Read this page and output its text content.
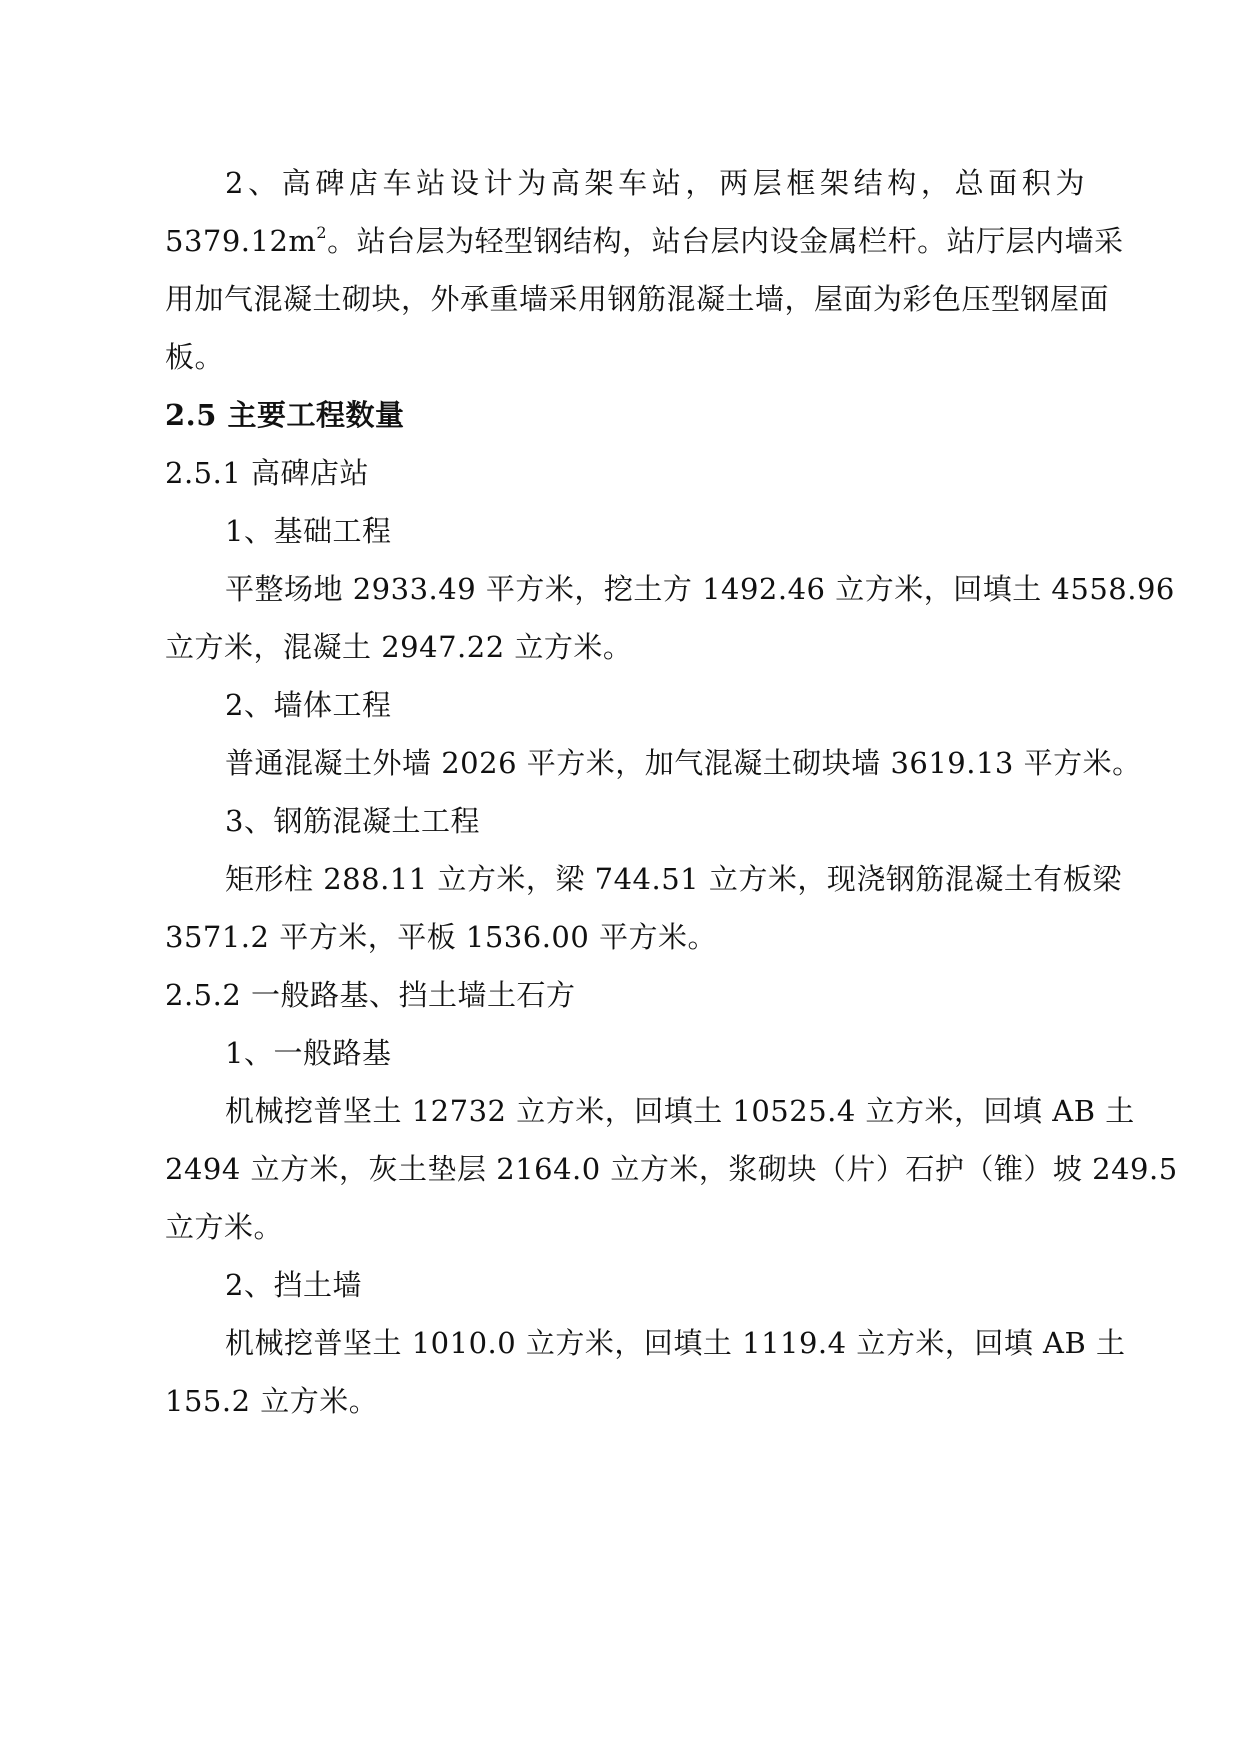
2、高碑店车站设计为高架车站，两层框架结构，总面积为
$5379.12m^2$。站台层为轻型钢结构，站台层内设金属栏杆。站厅层内墙采
用加气混凝土砌块，外承重墙采用钢筋混凝土墙，屋面为彩色压型钢屋面
板。
2.5 主要工程数量
2.5.1 高碑店站
1、基础工程
平整场地 2933.49 平方米，挖土方 1492.46 立方米，回填土 4558.96
立方米，混凝土 2947.22 立方米。
2、墙体工程
普通混凝土外墙 2026 平方米，加气混凝土砌块墙 3619.13 平方米。
3、钢筋混凝土工程
矩形柱 288.11 立方米，梁 744.51 立方米，现浇钢筋混凝土有板梁
3571.2 平方米，平板 1536.00 平方米。
2.5.2 一般路基、挡土墙土石方
1、一般路基
机械挖普坚土 12732 立方米，回填土 10525.4 立方米，回填 AB 土
2494 立方米，灰土垫层 2164.0 立方米，浆砌块（片）石护（锥）坡 249.5
立方米。
2、挡土墙
机械挖普坚土 1010.0 立方米，回填土 1119.4 立方米，回填 AB 土
155.2 立方米。
